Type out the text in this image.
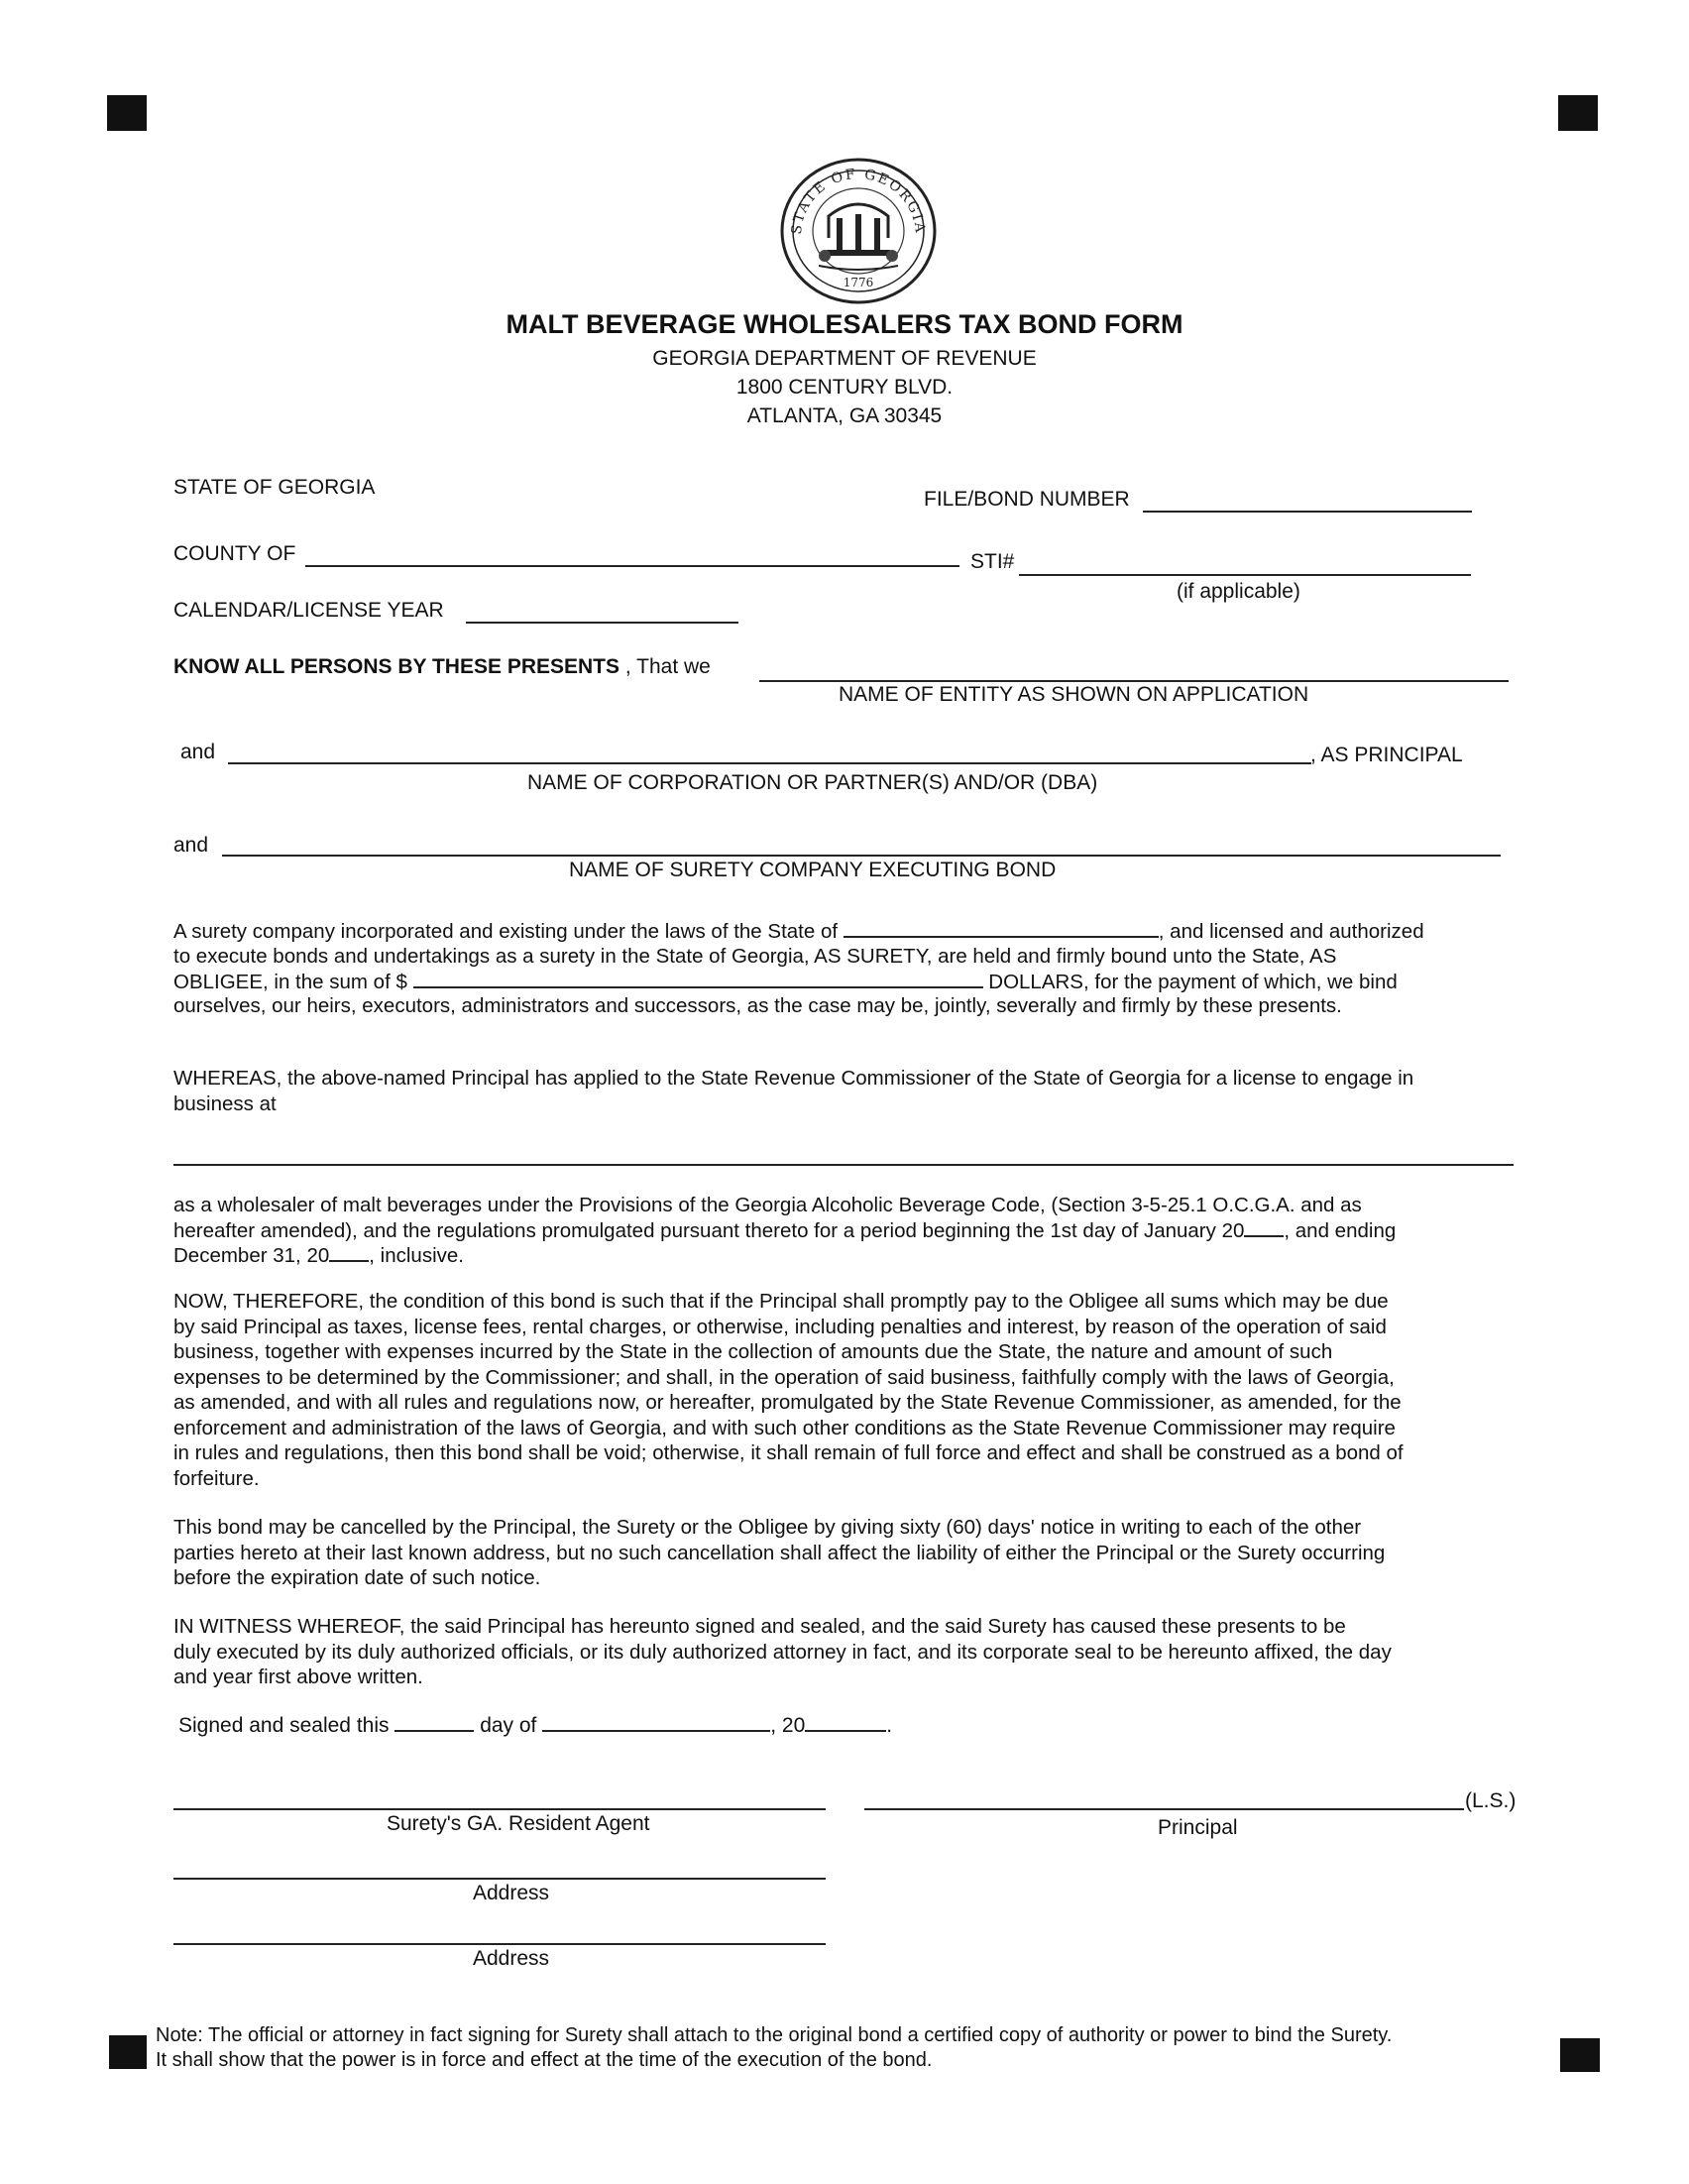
STATE OF GEORGIA
1776
MALT BEVERAGE WHOLESALERS TAX BOND FORM
GEORGIA DEPARTMENT OF REVENUE
1800 CENTURY BLVD.
ATLANTA, GA 30345
STATE OF GEORGIA
FILE/BOND NUMBER
COUNTY OF	STI#
(if applicable)
CALENDAR/LICENSE YEAR
KNOW ALL PERSONS BY THESE PRESENTS , That we
NAME OF ENTITY AS SHOWN ON APPLICATION
and	, AS PRINCIPAL
NAME OF CORPORATION OR PARTNER(S) AND/OR (DBA)
and
NAME OF SURETY COMPANY EXECUTING BOND
A surety company incorporated and existing under the laws of the State of	, and licensed and authorized
to execute bonds and undertakings as a surety in the State of Georgia, AS SURETY, are held and firmly bound unto the State, AS
OBLIGEE, in the sum of $	DOLLARS, for the payment of which, we bind
ourselves, our heirs, executors, administrators and successors, as the case may be, jointly, severally and firmly by these presents.
WHEREAS, the above-named Principal has applied to the State Revenue Commissioner of the State of Georgia for a license to engage in
business at
as a wholesaler of malt beverages under the Provisions of the Georgia Alcoholic Beverage Code, (Section 3-5-25.1 O.C.G.A. and as
hereafter amended), and the regulations promulgated pursuant thereto for a period beginning the 1st day of January 20 , and ending
December 31, 20 , inclusive.
NOW, THEREFORE, the condition of this bond is such that if the Principal shall promptly pay to the Obligee all sums which may be due
by said Principal as taxes, license fees, rental charges, or otherwise, including penalties and interest, by reason of the operation of said
business, together with expenses incurred by the State in the collection of amounts due the State, the nature and amount of such
expenses to be determined by the Commissioner; and shall, in the operation of said business, faithfully comply with the laws of Georgia,
as amended, and with all rules and regulations now, or hereafter, promulgated by the State Revenue Commissioner, as amended, for the
enforcement and administration of the laws of Georgia, and with such other conditions as the State Revenue Commissioner may require
in rules and regulations, then this bond shall be void; otherwise, it shall remain of full force and effect and shall be construed as a bond of
forfeiture.
This bond may be cancelled by the Principal, the Surety or the Obligee by giving sixty (60) days' notice in writing to each of the other
parties hereto at their last known address, but no such cancellation shall affect the liability of either the Principal or the Surety occurring
before the expiration date of such notice.
IN WITNESS WHEREOF, the said Principal has hereunto signed and sealed, and the said Surety has caused these presents to be
duly executed by its duly authorized officials, or its duly authorized attorney in fact, and its corporate seal to be hereunto affixed, the day
and year first above written.
Signed and sealed this	day of	, 20	.
Surety's GA. Resident Agent
(L.S.)
Principal
Address
Address
Note: The official or attorney in fact signing for Surety shall attach to the original bond a certified copy of authority or power to bind the Surety.
It shall show that the power is in force and effect at the time of the execution of the bond.
